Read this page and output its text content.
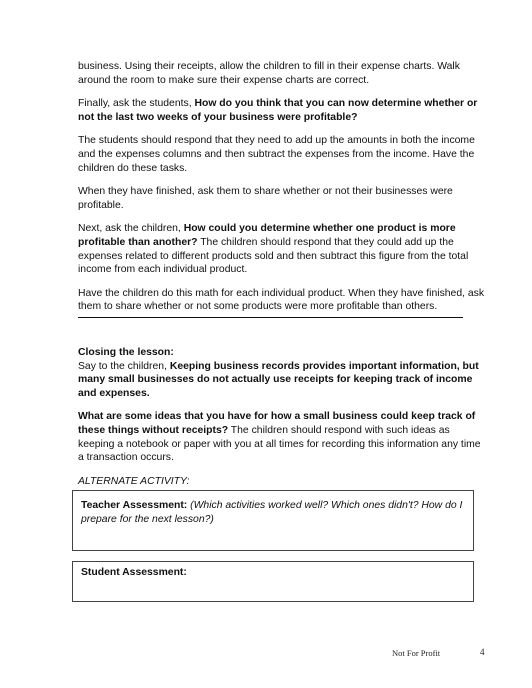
business. Using their receipts, allow the children to fill in their expense charts. Walk around the room to make sure their expense charts are correct.

Finally, ask the students, How do you think that you can now determine whether or not the last two weeks of your business were profitable?

The students should respond that they need to add up the amounts in both the income and the expenses columns and then subtract the expenses from the income. Have the children do these tasks.

When they have finished, ask them to share whether or not their businesses were profitable.

Next, ask the children, How could you determine whether one product is more profitable than another? The children should respond that they could add up the expenses related to different products sold and then subtract this figure from the total income from each individual product.

Have the children do this math for each individual product. When they have finished, ask them to share whether or not some products were more profitable than others.

Closing the lesson:

Say to the children, Keeping business records provides important information, but many small businesses do not actually use receipts for keeping track of income and expenses.

What are some ideas that you have for how a small business could keep track of these things without receipts? The children should respond with such ideas as keeping a notebook or paper with you at all times for recording this information any time a transaction occurs.

ALTERNATE ACTIVITY:

Teacher Assessment: (Which activities worked well? Which ones didn't? How do I prepare for the next lesson?)
Student Assessment:
Not For Profit	4
